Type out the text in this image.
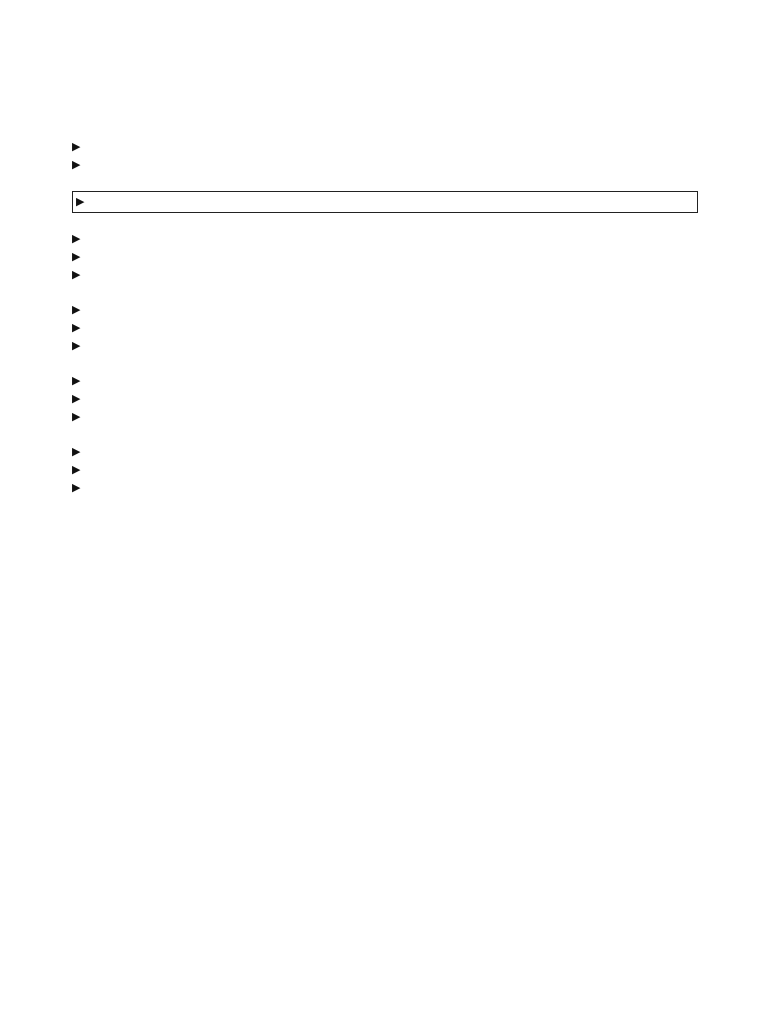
▶

▶

▶

▶

▶

▶

▶

▶

▶

▶

▶

▶

▶

▶

▶
